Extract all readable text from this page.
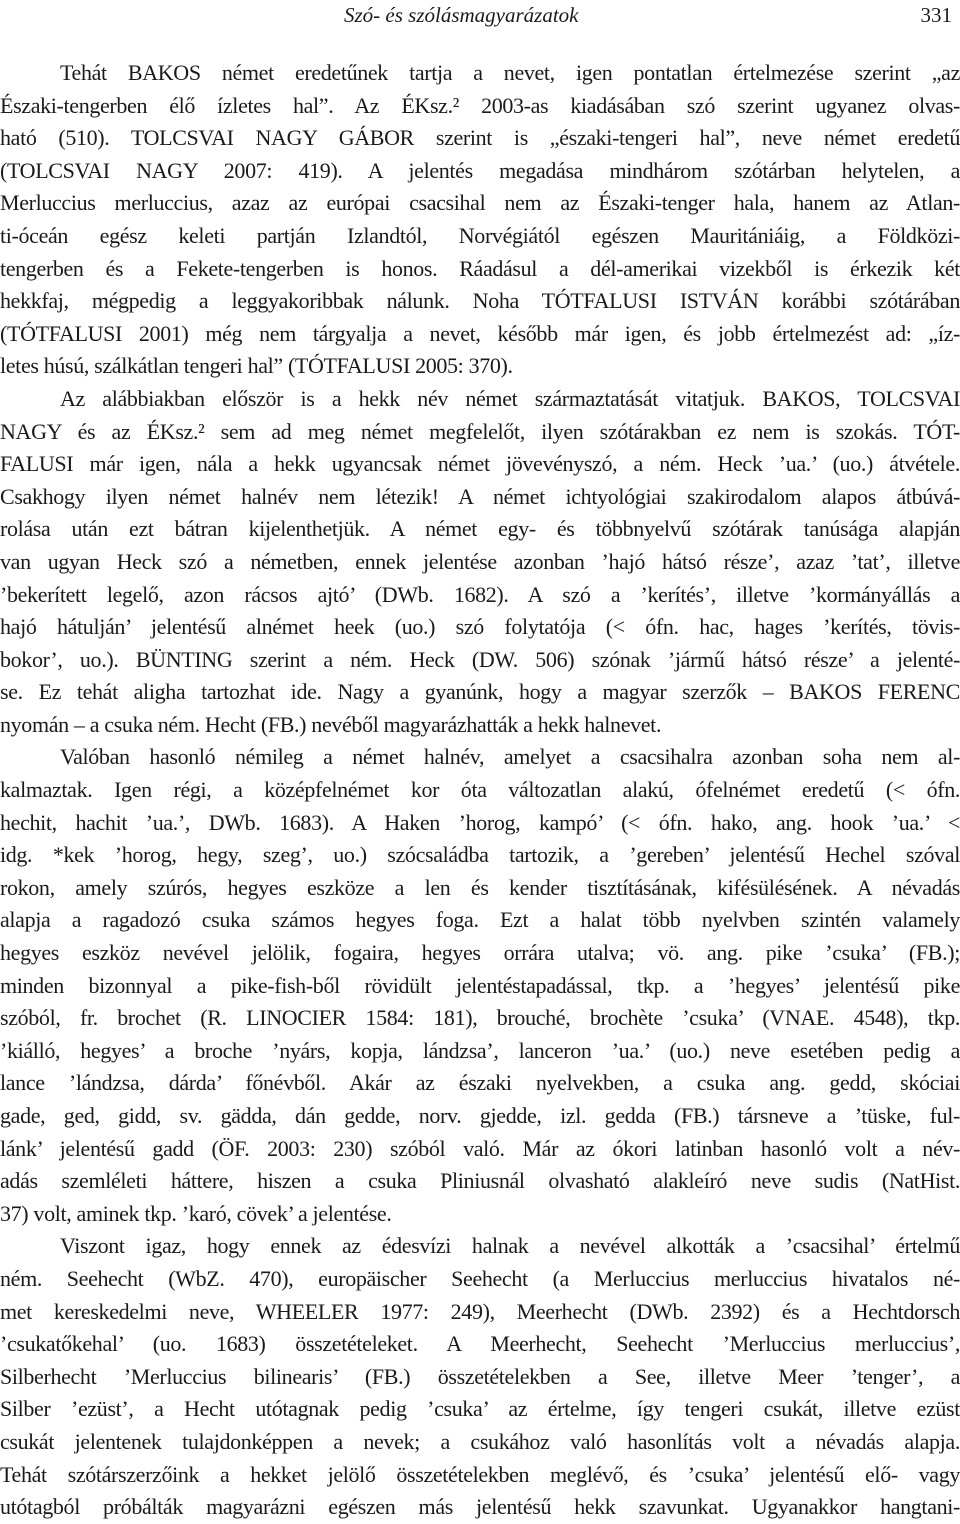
Szó- és szólásmagyarázatok	331
Tehát BAKOS német eredetűnek tartja a nevet, igen pontatlan értelmezése szerint „az
Északi-tengerben élő ízletes hal”. Az ÉKsz.² 2003-as kiadásában szó szerint ugyanez olvas-
ható (510). TOLCSVAI NAGY GÁBOR szerint is „északi-tengeri hal”, neve német eredetű
(TOLCSVAI NAGY 2007: 419). A jelentés megadása mindhárom szótárban helytelen, a
Merluccius merluccius, azaz az európai csacsihal nem az Északi-tenger hala, hanem az Atlan-
ti-óceán egész keleti partján Izlandtól, Norvégiától egészen Mauritániáig, a Földközi-
tengerben és a Fekete-tengerben is honos. Ráadásul a dél-amerikai vizekből is érkezik két
hekkfaj, mégpedig a leggyakoribbak nálunk. Noha TÓTFALUSI ISTVÁN korábbi szótárában
(TÓTFALUSI 2001) még nem tárgyalja a nevet, később már igen, és jobb értelmezést ad: „íz-
letes húsú, szálkátlan tengeri hal” (TÓTFALUSI 2005: 370).
Az alábbiakban először is a hekk név német származtatását vitatjuk. BAKOS, TOLCSVAI
NAGY és az ÉKsz.² sem ad meg német megfelelőt, ilyen szótárakban ez nem is szokás. TÓT-
FALUSI már igen, nála a hekk ugyancsak német jövevényszó, a ném. Heck ’ua.’ (uo.) átvétele.
Csakhogy ilyen német halnév nem létezik! A német ichtyológiai szakirodalom alapos átbúvá-
rolása után ezt bátran kijelenthetjük. A német egy- és többnyelvű szótárak tanúsága alapján
van ugyan Heck szó a németben, ennek jelentése azonban ’hajó hátsó része’, azaz ’tat’, illetve
’bekerített legelő, azon rácsos ajtó’ (DWb. 1682). A szó a ’kerítés’, illetve ’kormányállás a
hajó hátulján’ jelentésű alnémet heek (uo.) szó folytatója (< ófn. hac, hages ’kerítés, tövis-
bokor’, uo.). BÜNTING szerint a ném. Heck (DW. 506) szónak ’jármű hátsó része’ a jelenté-
se. Ez tehát aligha tartozhat ide. Nagy a gyanúnk, hogy a magyar szerzők – BAKOS FERENC
nyomán – a csuka ném. Hecht (FB.) nevéből magyarázhatták a hekk halnevet.
Valóban hasonló némileg a német halnév, amelyet a csacsihalra azonban soha nem al-
kalmaztak. Igen régi, a középfelnémet kor óta változatlan alakú, ófelnémet eredetű (< ófn.
hechit, hachit ’ua.’, DWb. 1683). A Haken ’horog, kampó’ (< ófn. hako, ang. hook ’ua.’ <
idg. *kek ’horog, hegy, szeg’, uo.) szócsaládba tartozik, a ’gereben’ jelentésű Hechel szóval
rokon, amely szúrós, hegyes eszköze a len és kender tisztításának, kifésülésének. A névadás
alapja a ragadozó csuka számos hegyes foga. Ezt a halat több nyelvben szintén valamely
hegyes eszköz nevével jelölik, fogaira, hegyes orrára utalva; vö. ang. pike ’csuka’ (FB.);
minden bizonnyal a pike-fish-ből rövidült jelentéstapadással, tkp. a ’hegyes’ jelentésű pike
szóból, fr. brochet (R. LINOCIER 1584: 181), brouché, brochète ’csuka’ (VNAE. 4548), tkp.
’kiálló, hegyes’ a broche ’nyárs, kopja, lándzsa’, lanceron ’ua.’ (uo.) neve esetében pedig a
lance ’lándzsa, dárda’ főnévből. Akár az északi nyelvekben, a csuka ang. gedd, skóciai
gade, ged, gidd, sv. gädda, dán gedde, norv. gjedde, izl. gedda (FB.) társneve a ’tüske, ful-
lánk’ jelentésű gadd (ÖF. 2003: 230) szóból való. Már az ókori latinban hasonló volt a név-
adás szemléleti háttere, hiszen a csuka Pliniusnál olvasható alakleíró neve sudis (NatHist.
37) volt, aminek tkp. ’karó, cövek’ a jelentése.
Viszont igaz, hogy ennek az édesvízi halnak a nevével alkották a ’csacsihal’ értelmű
ném. Seehecht (WbZ. 470), europäischer Seehecht (a Merluccius merluccius hivatalos né-
met kereskedelmi neve, WHEELER 1977: 249), Meerhecht (DWb. 2392) és a Hechtdorsch
’csukatőkehal’ (uo. 1683) összetételeket. A Meerhecht, Seehecht ’Merluccius merluccius’,
Silberhecht ’Merluccius bilinearis’ (FB.) összetételekben a See, illetve Meer ’tenger’, a
Silber ’ezüst’, a Hecht utótagnak pedig ’csuka’ az értelme, így tengeri csukát, illetve ezüst
csukát jelentenek tulajdonképpen a nevek; a csukához való hasonlítás volt a névadás alapja.
Tehát szótárszerzőink a hekket jelölő összetételekben meglévő, és ’csuka’ jelentésű elő- vagy
utótagból próbálták magyarázni egészen más jelentésű hekk szavunkat. Ugyanakkor hangtani-
